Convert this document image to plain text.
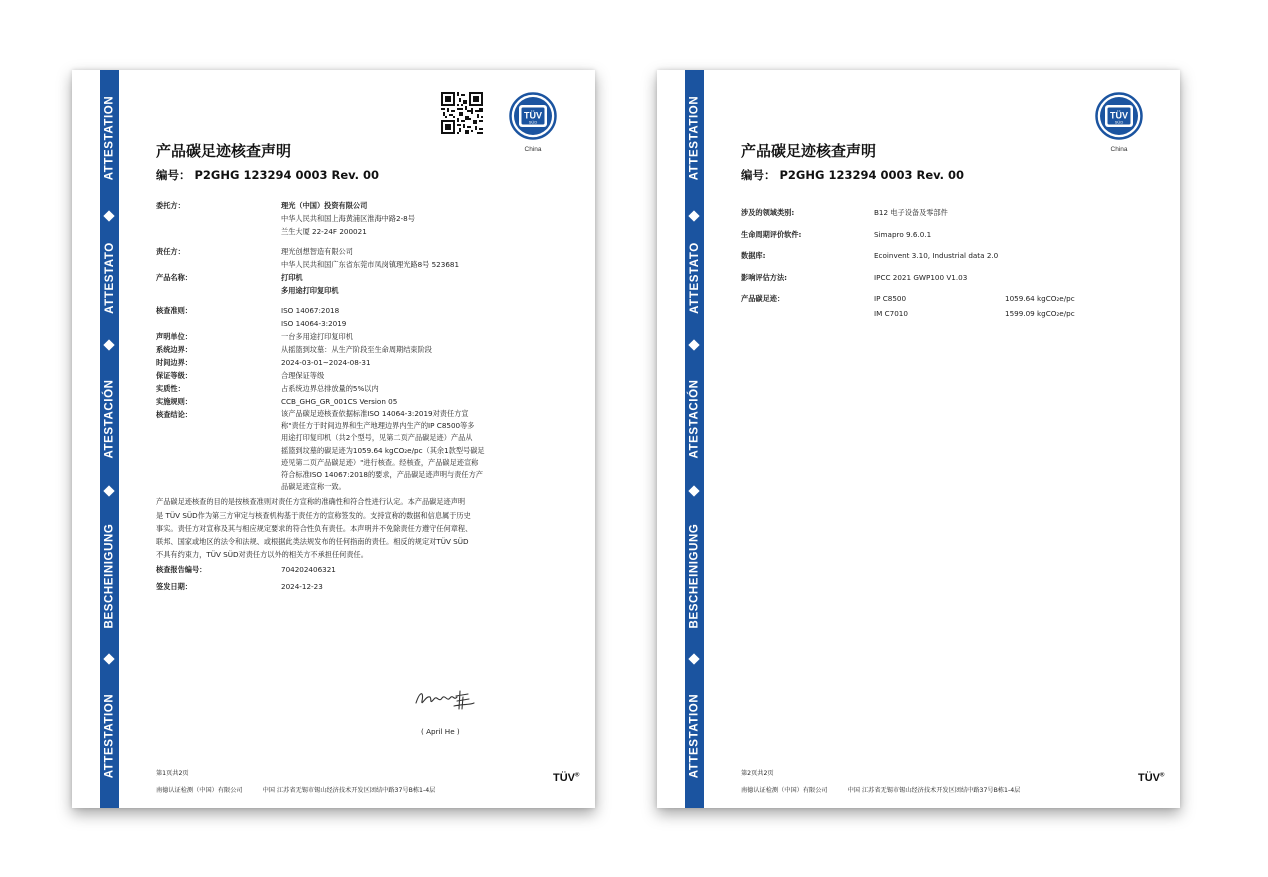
ATTESTATION
ATTESTATO
ATESTACIÓN
BESCHEINIGUNG
ATTESTATION
TÜV
SÜD
China
产品碳足迹核查声明
编号： P2GHG 123294 0003 Rev. 00
委托方：	理光（中国）投资有限公司
中华人民共和国上海黄浦区淮海中路2-8号
兰生大厦 22-24F 200021
责任方：	理光创想智造有限公司
中华人民共和国广东省东莞市凤岗镇理光路8号 523681
产品名称：	打印机
多用途打印复印机
核查准则：	ISO 14067:2018
ISO 14064-3:2019
声明单位：	一台多用途打印复印机
系统边界：	从摇篮到坟墓：从生产阶段至生命周期结束阶段
时间边界：	2024-03-01~2024-08-31
保证等级：	合理保证等级
实质性：	占系统边界总排放量的5%以内
实施规则：	CCB_GHG_GR_001CS Version 05
核查结论：	该产品碳足迹核查依据标准ISO 14064-3:2019对责任方宣
称"责任方于时间边界和生产地理边界内生产的IP C8500等多
用途打印复印机（共2个型号，见第二页产品碳足迹）产品从
摇篮到坟墓的碳足迹为1059.64 kgCO₂e/pc（其余1款型号碳足
迹见第二页产品碳足迹）"进行核查。经核查，产品碳足迹宣称
符合标准ISO 14067:2018的要求，产品碳足迹声明与责任方产
品碳足迹宣称一致。
产品碳足迹核查的目的是按核查准则对责任方宣称的准确性和符合性进行认定。本产品碳足迹声明
是 TÜV SÜD作为第三方审定与核查机构基于责任方的宣称签发的。支持宣称的数据和信息属于历史
事实。责任方对宣称及其与相应规定要求的符合性负有责任。本声明并不免除责任方遵守任何章程、
联邦、国家或地区的法令和法规、或根据此类法规发布的任何指南的责任。相反的规定对TÜV SÜD
不具有约束力，TÜV SÜD对责任方以外的相关方不承担任何责任。
核查报告编号：	704202406321
签发日期：	2024-12-23
( April He )
第1页共2页
南德认证检测（中国）有限公司	中国 江苏省无锡市锡山经济技术开发区团结中路37号B栋1-4层
TÜV®
ATTESTATION
ATTESTATO
ATESTACIÓN
BESCHEINIGUNG
ATTESTATION
TÜV
SÜD
China
产品碳足迹核查声明
编号： P2GHG 123294 0003 Rev. 00
涉及的领域类别:	B12 电子设备及零部件
生命周期评价软件:	Simapro 9.6.0.1
数据库:	Ecoinvent 3.10, Industrial data 2.0
影响评估方法:	IPCC 2021 GWP100 V1.03
产品碳足迹：	IP C8500	1059.64 kgCO₂e/pc
IM C7010	1599.09 kgCO₂e/pc
第2页共2页
南德认证检测（中国）有限公司	中国 江苏省无锡市锡山经济技术开发区团结中路37号B栋1-4层
TÜV®
